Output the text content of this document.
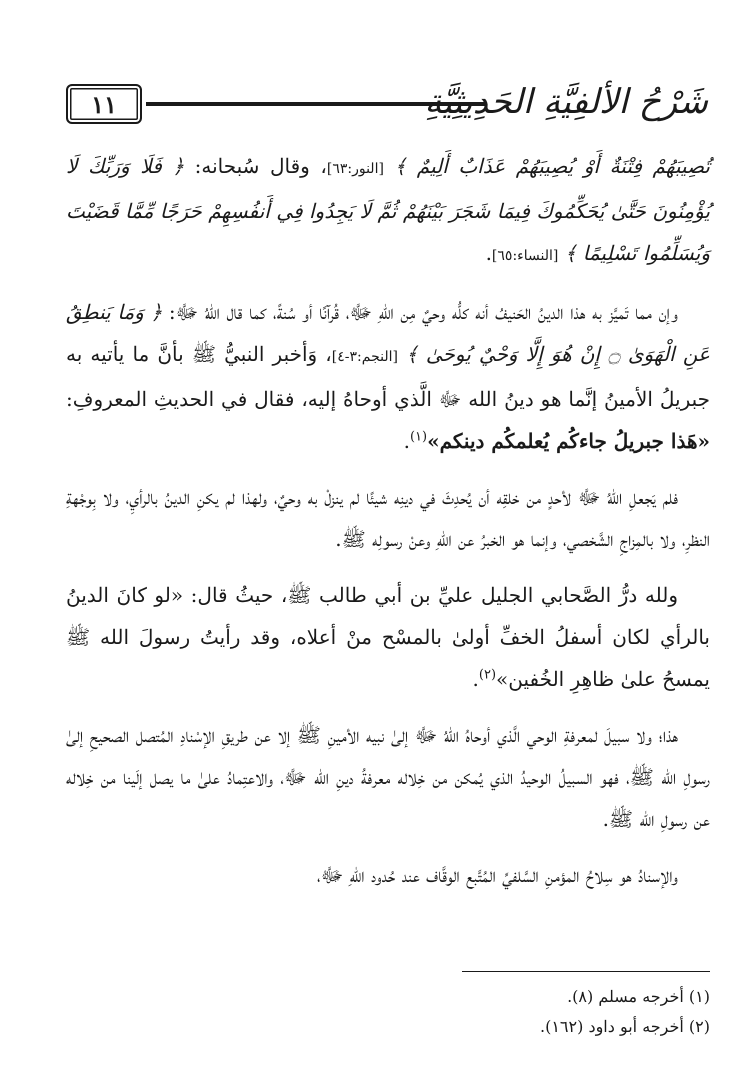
١١	شَرْحُ الألفِيَّةِ الحَدِيثِيَّةِ

تُصِيبَهُمْ فِتْنَةٌ أَوْ يُصِيبَهُمْ عَذَابٌ أَلِيمٌ ﴾ [النور:٦٣]، وقال سُبحانه: ﴿ فَلَا وَرَبِّكَ لَا يُؤْمِنُونَ حَتَّىٰ يُحَكِّمُوكَ فِيمَا شَجَرَ بَيْنَهُمْ ثُمَّ لَا يَجِدُوا فِي أَنفُسِهِمْ حَرَجًا مِّمَّا قَضَيْتَ وَيُسَلِّمُوا تَسْلِيمًا ﴾ [النساء:٦٥].

وإن مما تَميَّز به هذا الدينُ الحَنيفُ أنه كلُّه وحيٌ مِن اللهِ ﷻ، قُرآنًا أو سُنةً، كما قال اللهُ ﷻ: ﴿ وَمَا يَنطِقُ عَنِ الْهَوَىٰ ۝ إِنْ هُوَ إِلَّا وَحْيٌ يُوحَىٰ ﴾ [النجم:٣-٤]، وَأخبر النبيُّ ﷺ بأنَّ ما يأتيه به جبريلُ الأمينُ إنَّما هو دينُ الله ﷻ الَّذي أوحاهُ إليه، فقال في الحديثِ المعروفِ: «هَذا جبريلُ جاءكُم يُعلمكُم دينكم»$^{(١)}$.

فلم يَجعلِ اللهُ ﷻ لأحدٍ من خلقِه أن يُحدِثَ في دينِه شيئًا لم ينزلْ به وحيٌ، ولهذا لم يكنِ الدينُ بالرأيِ، ولا بِوجْهةِ النظرِ، ولا بالمِزاجِ الشَّخصي، وإنما هو الخبرُ عن اللهِ وعنْ رسولِه ﷺ.

ولله درُّ الصَّحابي الجليل عليِّ بن أبي طالب ﷺ، حيثُ قال: «لو كانَ الدينُ بالرأي لكان أسفلُ الخفِّ أولىٰ بالمسْح منْ أعلاه، وقد رأيتُ رسولَ الله ﷺ يمسحُ علىٰ ظاهِرِ الخُفين»$^{(٢)}$.

هذا؛ ولا سبيلَ لمعرفةِ الوحي الَّذي أوحاهُ اللهُ ﷻ إلىٰ نبيه الأمينِ ﷺ إلا عن طريقِ الإسْنادِ المُتصل الصحيحِ إلىٰ رسولِ الله ﷺ، فهو السبيلُ الوحيدُ الذي يُمكن من خِلاله معرفةُ دينِ الله ﷻ، والاعتِمادُ علىٰ ما يصل إلَينا من خِلاله عن رسولِ الله ﷺ.

والإسنادُ هو سِلاحُ المؤمنِ السَّلفيِّ المُتَّبع الوقَّاف عند حُدود اللهِ ﷻ،

(١) أخرجه مسلم (٨).

(٢) أخرجه أبو داود (١٦٢).
